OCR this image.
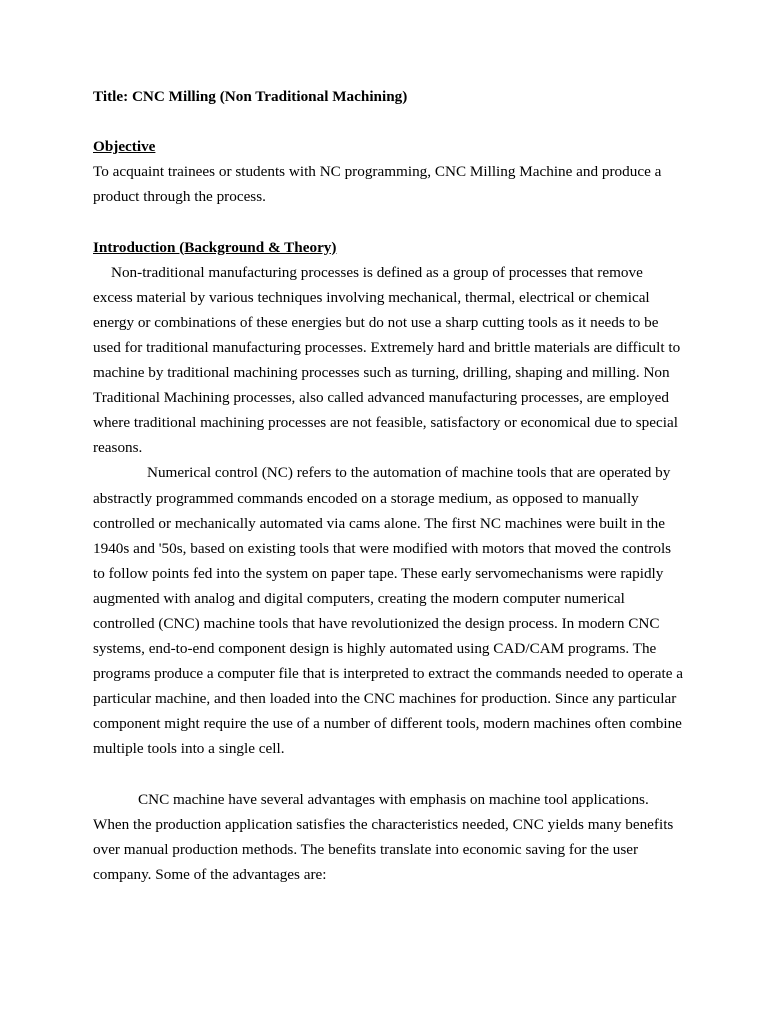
Title: CNC Milling (Non Traditional Machining)

Objective

To acquaint trainees or students with NC programming, CNC Milling Machine and produce a product through the process.

Introduction (Background & Theory)

Non-traditional manufacturing processes is defined as a group of processes that remove excess material by various techniques involving mechanical, thermal, electrical or chemical energy or combinations of these energies but do not use a sharp cutting tools as it needs to be used for traditional manufacturing processes. Extremely hard and brittle materials are difficult to machine by traditional machining processes such as turning, drilling, shaping and milling. Non Traditional Machining processes, also called advanced manufacturing processes, are employed where traditional machining processes are not feasible, satisfactory or economical due to special reasons.

Numerical control (NC) refers to the automation of machine tools that are operated by abstractly programmed commands encoded on a storage medium, as opposed to manually controlled or mechanically automated via cams alone. The first NC machines were built in the 1940s and '50s, based on existing tools that were modified with motors that moved the controls to follow points fed into the system on paper tape. These early servomechanisms were rapidly augmented with analog and digital computers, creating the modern computer numerical controlled (CNC) machine tools that have revolutionized the design process. In modern CNC systems, end-to-end component design is highly automated using CAD/CAM programs. The programs produce a computer file that is interpreted to extract the commands needed to operate a particular machine, and then loaded into the CNC machines for production. Since any particular component might require the use of a number of different tools, modern machines often combine multiple tools into a single cell.

CNC machine have several advantages with emphasis on machine tool applications. When the production application satisfies the characteristics needed, CNC yields many benefits over manual production methods. The benefits translate into economic saving for the user company. Some of the advantages are:
